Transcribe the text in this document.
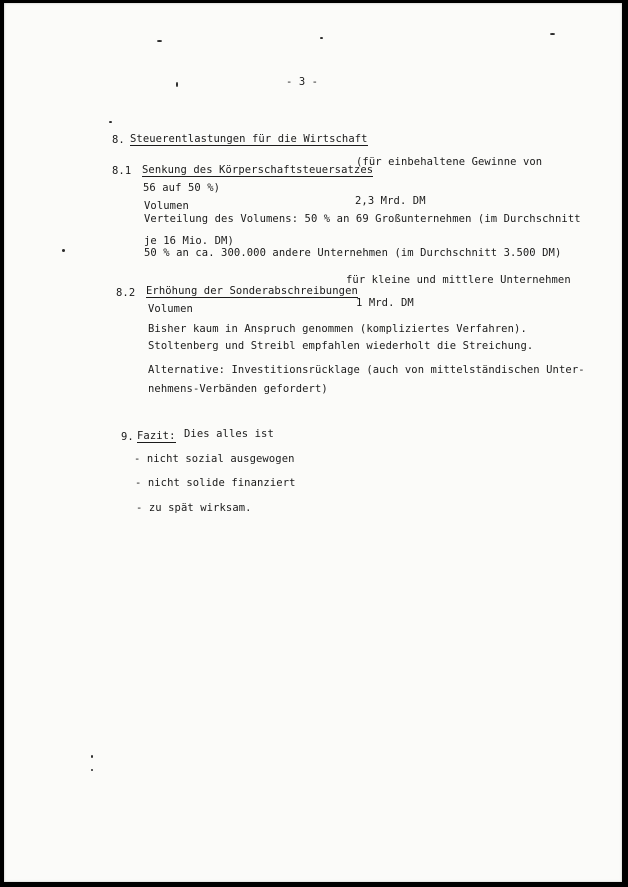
- 3 -
8. Steuerentlastungen für die Wirtschaft
8.1 Senkung des Körperschaftsteuersatzes
(für einbehaltene Gewinne von
56 auf 50 %)
Volumen	2,3 Mrd. DM
Verteilung des Volumens: 50 % an 69 Großunternehmen (im Durchschnitt
je 16 Mio. DM)
50 % an ca. 300.000 andere Unternehmen (im Durchschnitt 3.500 DM)
8.2 Erhöhung der Sonderabschreibungen
für kleine und mittlere Unternehmen
Volumen	1 Mrd. DM
Bisher kaum in Anspruch genommen (kompliziertes Verfahren).
Stoltenberg und Streibl empfahlen wiederholt die Streichung.
Alternative: Investitionsrücklage (auch von mittelständischen Unter-
nehmens-Verbänden gefordert)
9. Fazit: Dies alles ist
- nicht sozial ausgewogen
- nicht solide finanziert
- zu spät wirksam.
